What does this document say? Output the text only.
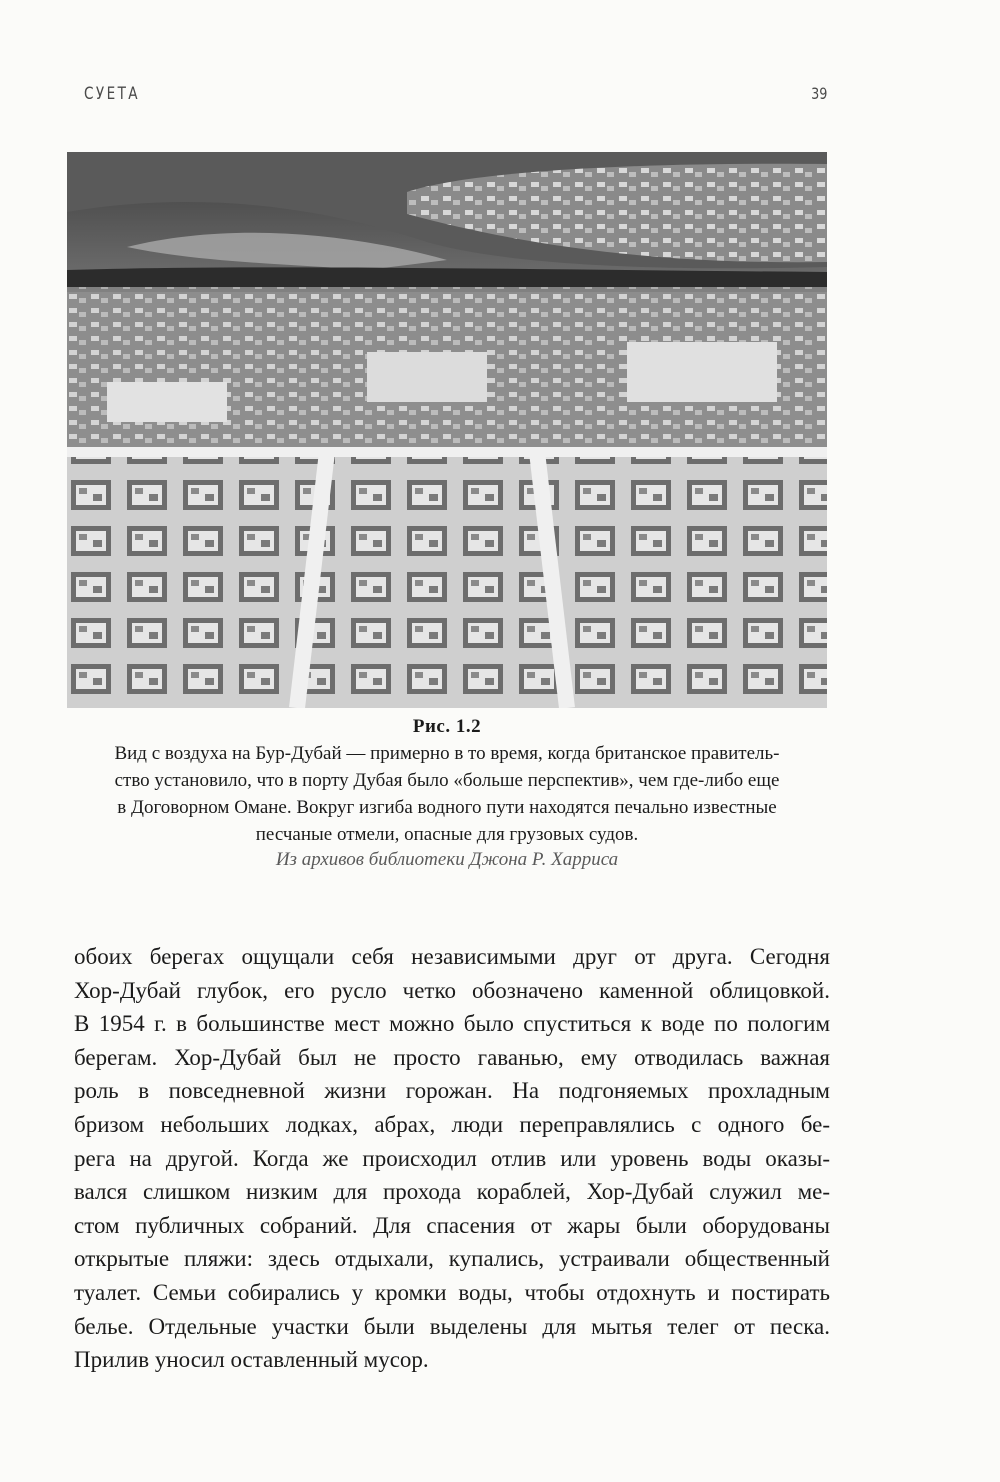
СУЕТА	39
Рис. 1.2
Вид с воздуха на Бур-Дубай — примерно в то время, когда британское правитель-
ство установило, что в порту Дубая было «больше перспектив», чем где-либо еще
в Договорном Омане. Вокруг изгиба водного пути находятся печально известные
песчаные отмели, опасные для грузовых судов.
Из архивов библиотеки Джона Р. Харриса
обоих берегах ощущали себя независимыми друг от друга. Сегодня
Хор-Дубай глубок, его русло четко обозначено каменной облицовкой.
В 1954 г. в большинстве мест можно было спуститься к воде по пологим
берегам. Хор-Дубай был не просто гаванью, ему отводилась важная
роль в повседневной жизни горожан. На подгоняемых прохладным
бризом небольших лодках, абрах, люди переправлялись с одного бе-
рега на другой. Когда же происходил отлив или уровень воды оказы-
вался слишком низким для прохода кораблей, Хор-Дубай служил ме-
стом публичных собраний. Для спасения от жары были оборудованы
открытые пляжи: здесь отдыхали, купались, устраивали общественный
туалет. Семьи собирались у кромки воды, чтобы отдохнуть и постирать
белье. Отдельные участки были выделены для мытья телег от песка.
Прилив уносил оставленный мусор.
